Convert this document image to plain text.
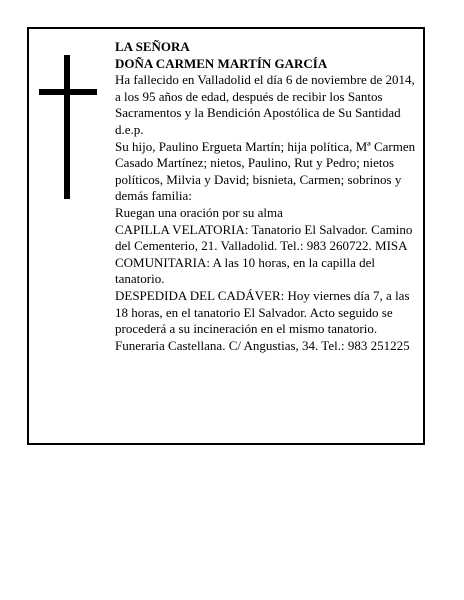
LA SEÑORA

DOÑA CARMEN MARTÍN GARCÍA

Ha fallecido en Valladolid el día 6 de noviembre de 2014, a los 95 años de edad, después de recibir los Santos Sacramentos y la Bendición Apostólica de Su Santidad

d.e.p.

Su hijo, Paulino Ergueta Martín; hija política, Mª Carmen Casado Martínez; nietos, Paulino, Rut y Pedro; nietos políticos, Milvia y David; bisnieta, Carmen; sobrinos y demás familia:

Ruegan una oración por su alma

CAPILLA VELATORIA: Tanatorio El Salvador. Camino del Cementerio, 21. Valladolid. Tel.: 983 260722. MISA COMUNITARIA: A las 10 horas, en la capilla del tanatorio.

DESPEDIDA DEL CADÁVER: Hoy viernes día 7, a las 18 horas, en el tanatorio El Salvador. Acto seguido se procederá a su incineración en el mismo tanatorio.

Funeraria Castellana. C/ Angustias, 34. Tel.: 983 251225
